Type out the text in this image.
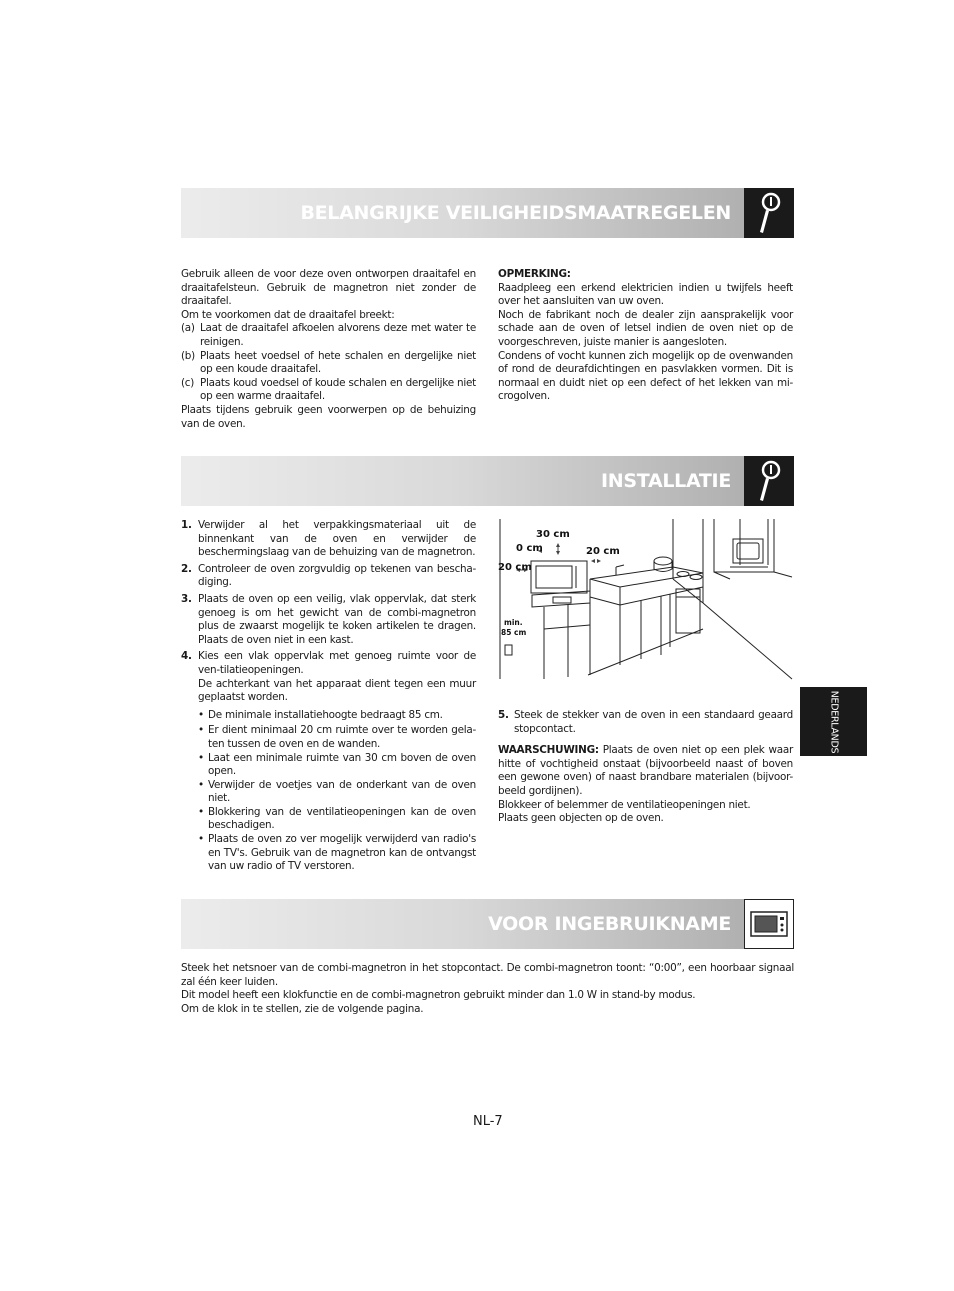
BELANGRIJKE VEILIGHEIDSMAATREGELEN

Gebruik alleen de voor deze oven ontworpen draaitafel en draaitafelsteun. Gebruik de magnetron niet zonder de draaitafel.

Om te voorkomen dat de draaitafel breekt:

(a) Laat de draaitafel afkoelen alvorens deze met water te reinigen.
(b) Plaats heet voedsel of hete schalen en dergelijke niet op een koude draaitafel.
(c) Plaats koud voedsel of koude schalen en dergelijke niet op een warme draaitafel.

Plaats tijdens gebruik geen voorwerpen op de behuizing van de oven.

OPMERKING:

Raadpleeg een erkend elektricien indien u twijfels heeft over het aansluiten van uw oven.

Noch de fabrikant noch de dealer zijn aansprakelijk voor schade aan de oven of letsel indien de oven niet op de voorgeschreven, juiste manier is aangesloten.

Condens of vocht kunnen zich mogelijk op de ovenwanden of rond de deurafdichtingen en pasvlakken vormen. Dit is normaal en duidt niet op een defect of het lekken van mi-crogolven.

INSTALLATIE
1. Verwijder al het verpakkingsmateriaal uit de binnenkant van de oven en verwijder de beschermingslaag van de behuizing van de magnetron.
2. Controleer de oven zorgvuldig op tekenen van bescha-diging.
3. Plaats de oven op een veilig, vlak oppervlak, dat sterk genoeg is om het gewicht van de combi-magnetron plus de zwaarst mogelijk te koken artikelen te dragen. Plaats de oven niet in een kast.
4. Kies een vlak oppervlak met genoeg ruimte voor de ven-tilatieopeningen.
De achterkant van het apparaat dient tegen een muur geplaatst worden.
• De minimale installatiehoogte bedraagt 85 cm.
• Er dient minimaal 20 cm ruimte over te worden gela-ten tussen de oven en de wanden.
• Laat een minimale ruimte van 30 cm boven de oven open.
• Verwijder de voetjes van de onderkant van de oven niet.
• Blokkering van de ventilatieopeningen kan de oven beschadigen.
• Plaats de oven zo ver mogelijk verwijderd van radio's en TV's. Gebruik van de magnetron kan de ontvangst van uw radio of TV verstoren.
30 cm
0 cm	20 cm
20 cm
min.
85 cm
5. Steek de stekker van de oven in een standaard geaard stopcontact.

WAARSCHUWING: Plaats de oven niet op een plek waar hitte of vochtigheid onstaat (bijvoorbeeld naast of boven een gewone oven) of naast brandbare materialen (bijvoor-beeld gordijnen).

Blokkeer of belemmer de ventilatieopeningen niet.

Plaats geen objecten op de oven.

VOOR INGEBRUIKNAME

Steek het netsnoer van de combi-magnetron in het stopcontact. De combi-magnetron toont: “0:00”, een hoorbaar signaal zal één keer luiden.

Dit model heeft een klokfunctie en de combi-magnetron gebruikt minder dan 1.0 W in stand-by modus.

Om de klok in te stellen, zie de volgende pagina.

NEDERLANDS
NL-7
